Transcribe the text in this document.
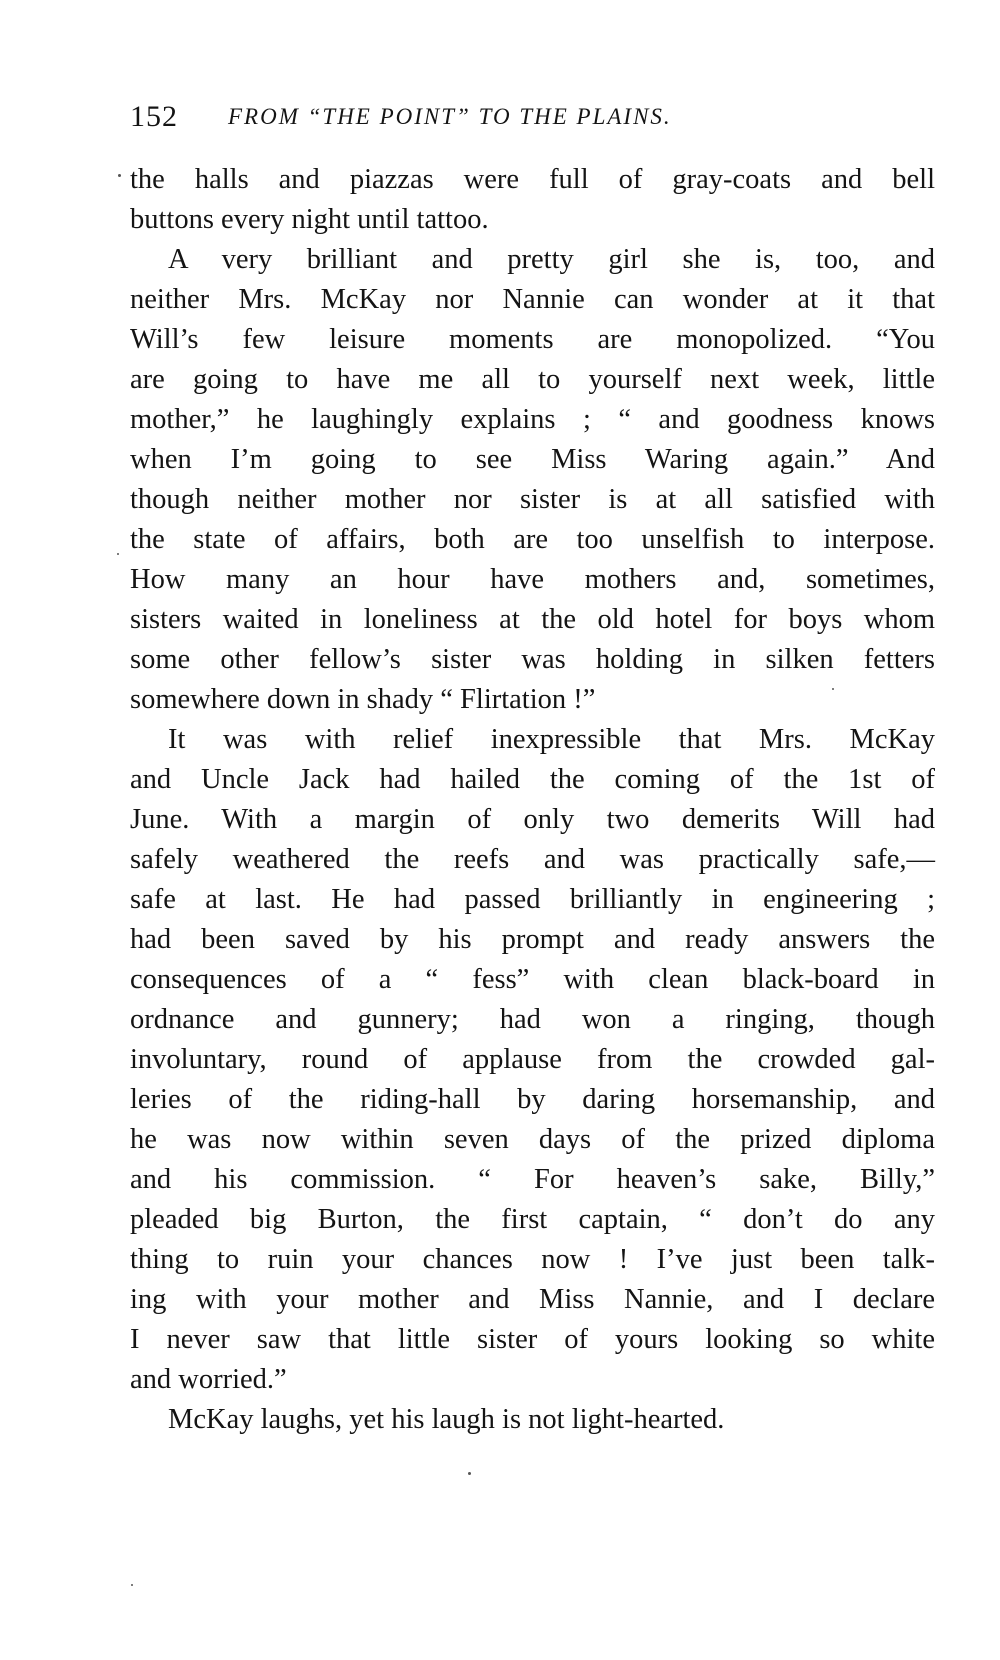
152 FROM “THE POINT” TO THE PLAINS.
the halls and piazzas were full of gray-coats and bell
buttons every night until tattoo.
A very brilliant and pretty girl she is, too, and
neither Mrs. McKay nor Nannie can wonder at it that
Will’s few leisure moments are monopolized. “You
are going to have me all to yourself next week, little
mother,” he laughingly explains ; “ and goodness knows
when I’m going to see Miss Waring again.” And
though neither mother nor sister is at all satisfied with
the state of affairs, both are too unselfish to interpose.
How many an hour have mothers and, sometimes,
sisters waited in loneliness at the old hotel for boys whom
some other fellow’s sister was holding in silken fetters
somewhere down in shady “ Flirtation !”
It was with relief inexpressible that Mrs. McKay
and Uncle Jack had hailed the coming of the 1st of
June. With a margin of only two demerits Will had
safely weathered the reefs and was practically safe,—
safe at last. He had passed brilliantly in engineering ;
had been saved by his prompt and ready answers the
consequences of a “ fess” with clean black-board in
ordnance and gunnery; had won a ringing, though
involuntary, round of applause from the crowded gal-
leries of the riding-hall by daring horsemanship, and
he was now within seven days of the prized diploma
and his commission. “ For heaven’s sake, Billy,”
pleaded big Burton, the first captain, “ don’t do any
thing to ruin your chances now ! I’ve just been talk-
ing with your mother and Miss Nannie, and I declare
I never saw that little sister of yours looking so white
and worried.”
McKay laughs, yet his laugh is not light-hearted.
